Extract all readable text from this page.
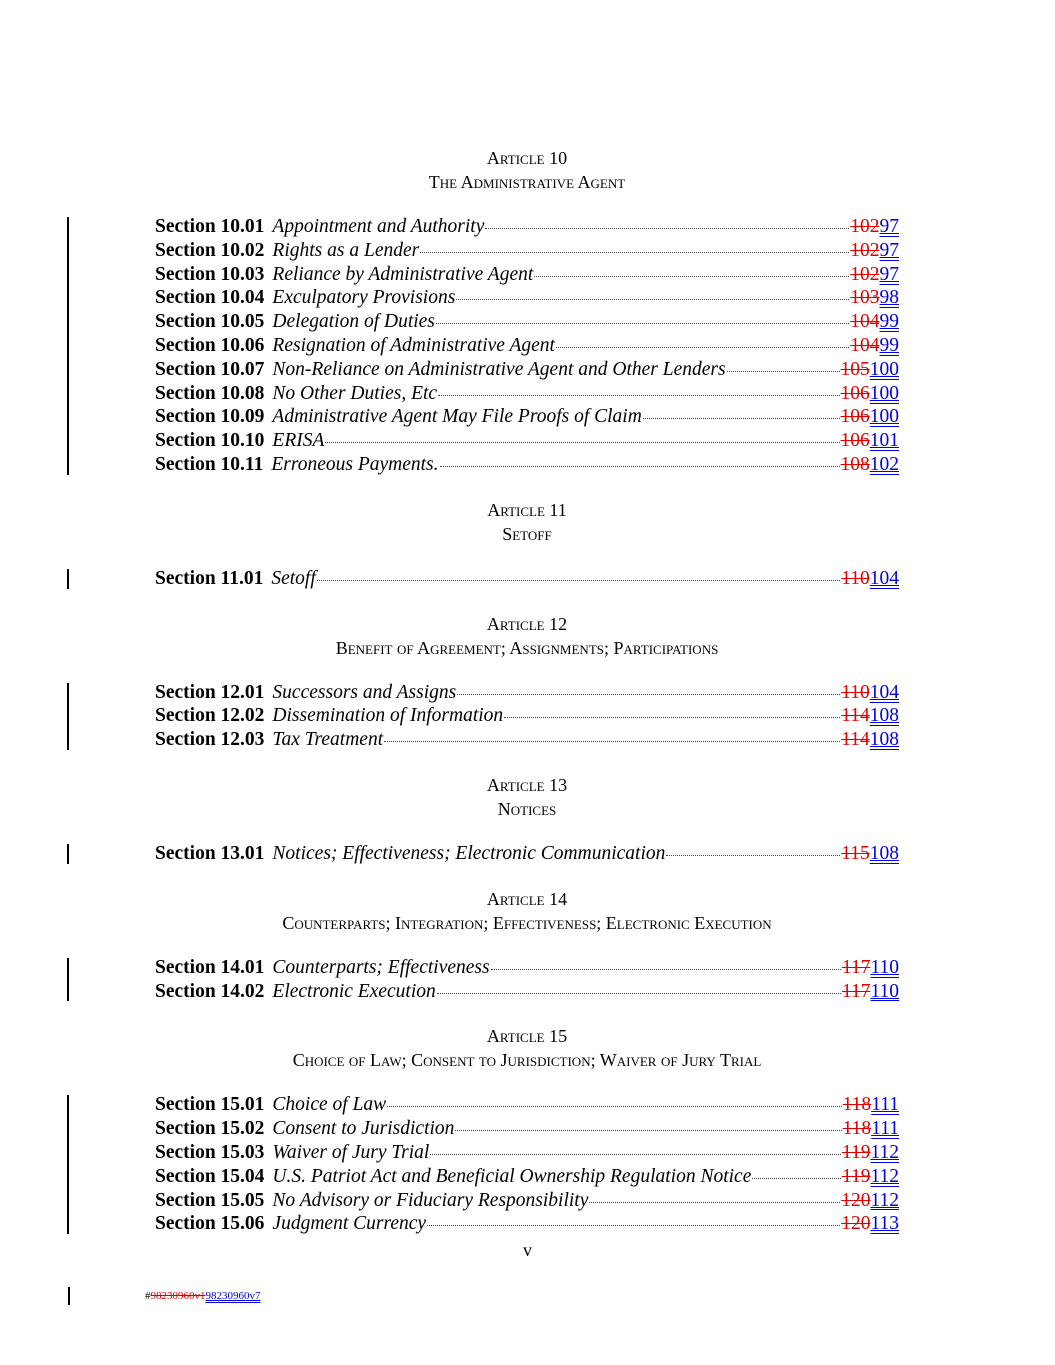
Article 10
The Administrative Agent
Section 10.01 Appointment and Authority	102 97
Section 10.02 Rights as a Lender	102 97
Section 10.03 Reliance by Administrative Agent	102 97
Section 10.04 Exculpatory Provisions	103 98
Section 10.05 Delegation of Duties	104 99
Section 10.06 Resignation of Administrative Agent	104 99
Section 10.07 Non-Reliance on Administrative Agent and Other Lenders	105 100
Section 10.08 No Other Duties, Etc	106 100
Section 10.09 Administrative Agent May File Proofs of Claim	106 100
Section 10.10 ERISA	106 101
Section 10.11 Erroneous Payments.	108 102
Article 11
Setoff
Section 11.01 Setoff	110 104
Article 12
Benefit of Agreement; Assignments; Participations
Section 12.01 Successors and Assigns	110 104
Section 12.02 Dissemination of Information	114 108
Section 12.03 Tax Treatment	114 108
Article 13
Notices
Section 13.01 Notices; Effectiveness; Electronic Communication	115 108
Article 14
Counterparts; Integration; Effectiveness; Electronic Execution
Section 14.01 Counterparts; Effectiveness	117 110
Section 14.02 Electronic Execution	117 110
Article 15
Choice of Law; Consent to Jurisdiction; Waiver of Jury Trial
Section 15.01 Choice of Law	118 111
Section 15.02 Consent to Jurisdiction	118 111
Section 15.03 Waiver of Jury Trial	119 112
Section 15.04 U.S. Patriot Act and Beneficial Ownership Regulation Notice	119 112
Section 15.05 No Advisory or Fiduciary Responsibility	120 112
Section 15.06 Judgment Currency	120 113
v
#98230960v198230960v7
